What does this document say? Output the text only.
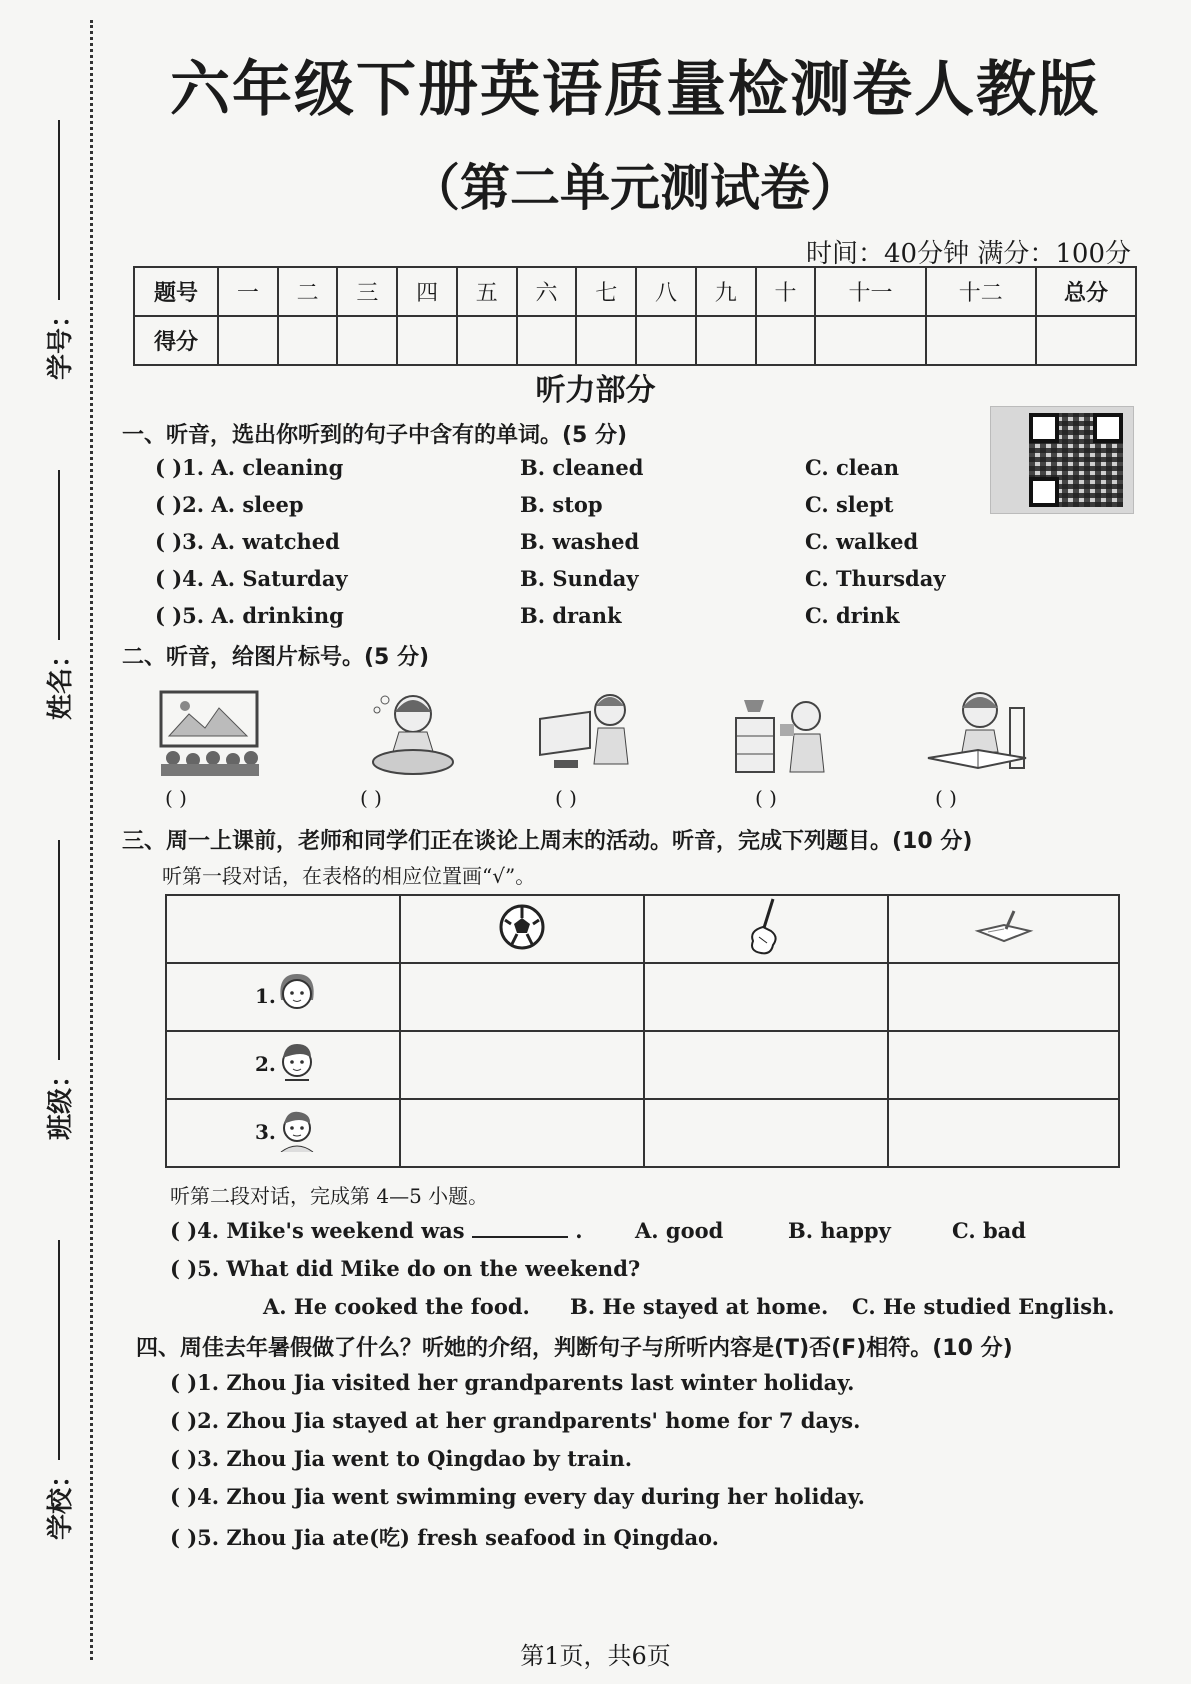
学号：
姓名：
班级：
学校：
六年级下册英语质量检测卷人教版
（第二单元测试卷）
时间：40分钟 满分：100分
题号	一	二	三	四	五	六	七	八	九	十	十一	十二	总分
得分													
听力部分
一、听音，选出你听到的句子中含有的单词。(5 分)
( )1. A. cleaning	B. cleaned	C. clean
( )2. A. sleep	B. stop	C. slept
( )3. A. watched	B. washed	C. walked
( )4. A. Saturday	B. Sunday	C. Thursday
( )5. A. drinking	B. drank	C. drink
二、听音，给图片标号。(5 分)
( )	( )	( )	( )	( )
三、周一上课前，老师和同学们正在谈论上周末的活动。听音，完成下列题目。(10 分)
听第一段对话，在表格的相应位置画“√”。

1.			

2.			

3.			

听第二段对话，完成第 4—5 小题。
( )4. Mike's weekend was	. A. good	B. happy	C. bad
( )5. What did Mike do on the weekend?
A. He cooked the food. B. He stayed at home. C. He studied English.
四、周佳去年暑假做了什么？听她的介绍，判断句子与所听内容是(T)否(F)相符。(10 分)
( )1. Zhou Jia visited her grandparents last winter holiday.
( )2. Zhou Jia stayed at her grandparents' home for 7 days.
( )3. Zhou Jia went to Qingdao by train.
( )4. Zhou Jia went swimming every day during her holiday.
( )5. Zhou Jia ate(吃) fresh seafood in Qingdao.
第1页，共6页
